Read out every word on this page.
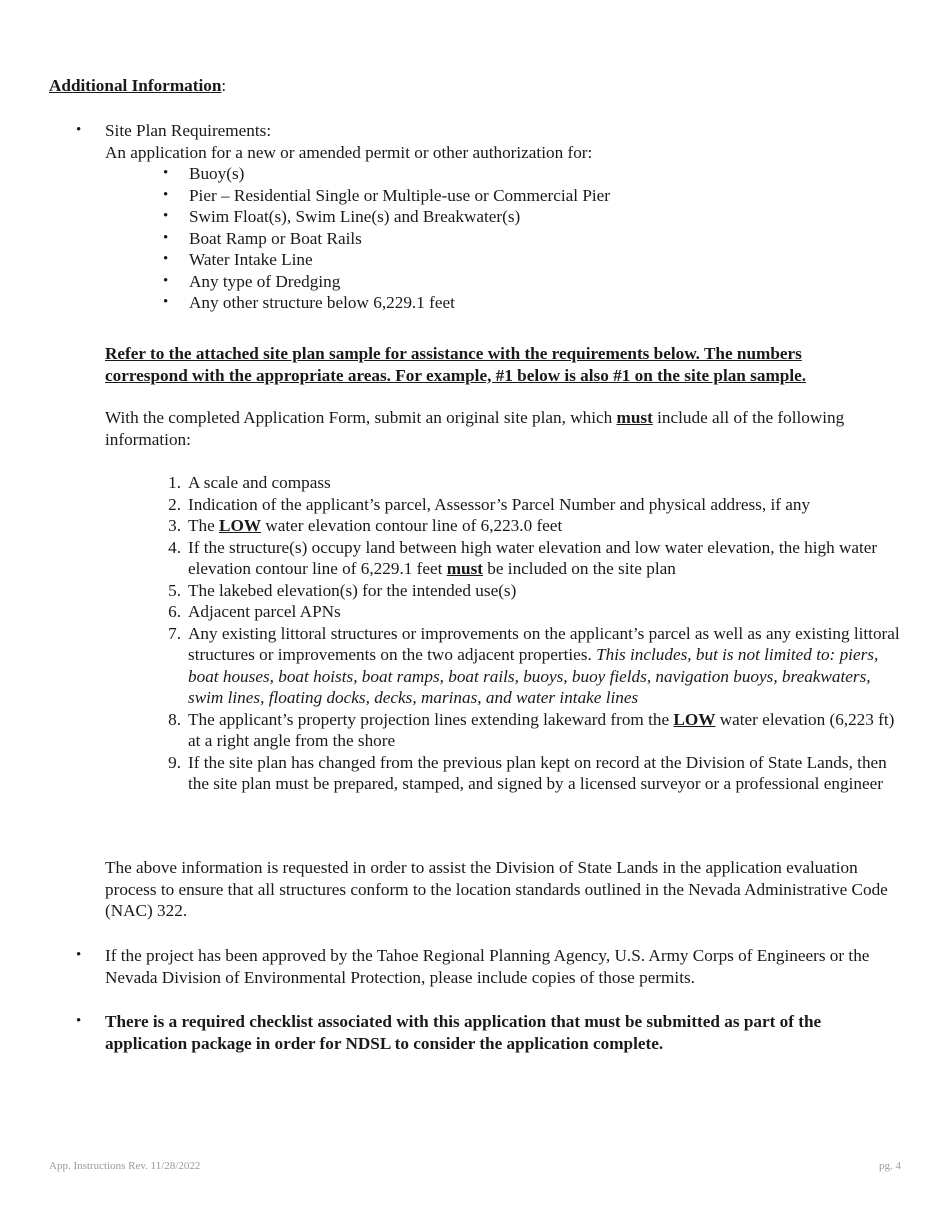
Additional Information:
• Site Plan Requirements:
An application for a new or amended permit or other authorization for:
• Buoy(s)
• Pier – Residential Single or Multiple-use or Commercial Pier
• Swim Float(s), Swim Line(s) and Breakwater(s)
• Boat Ramp or Boat Rails
• Water Intake Line
• Any type of Dredging
• Any other structure below 6,229.1 feet
Refer to the attached site plan sample for assistance with the requirements below. The numbers correspond with the appropriate areas. For example, #1 below is also #1 on the site plan sample.
With the completed Application Form, submit an original site plan, which must include all of the following information:
1. A scale and compass
2. Indication of the applicant’s parcel, Assessor’s Parcel Number and physical address, if any
3. The LOW water elevation contour line of 6,223.0 feet
4. If the structure(s) occupy land between high water elevation and low water elevation, the high water elevation contour line of 6,229.1 feet must be included on the site plan
5. The lakebed elevation(s) for the intended use(s)
6. Adjacent parcel APNs
7. Any existing littoral structures or improvements on the applicant’s parcel as well as any existing littoral structures or improvements on the two adjacent properties. This includes, but is not limited to: piers, boat houses, boat hoists, boat ramps, boat rails, buoys, buoy fields, navigation buoys, breakwaters, swim lines, floating docks, decks, marinas, and water intake lines
8. The applicant’s property projection lines extending lakeward from the LOW water elevation (6,223 ft) at a right angle from the shore
9. If the site plan has changed from the previous plan kept on record at the Division of State Lands, then the site plan must be prepared, stamped, and signed by a licensed surveyor or a professional engineer
The above information is requested in order to assist the Division of State Lands in the application evaluation process to ensure that all structures conform to the location standards outlined in the Nevada Administrative Code (NAC) 322.
• If the project has been approved by the Tahoe Regional Planning Agency, U.S. Army Corps of Engineers or the Nevada Division of Environmental Protection, please include copies of those permits.
• There is a required checklist associated with this application that must be submitted as part of the application package in order for NDSL to consider the application complete.
App. Instructions Rev. 11/28/2022	pg. 4
